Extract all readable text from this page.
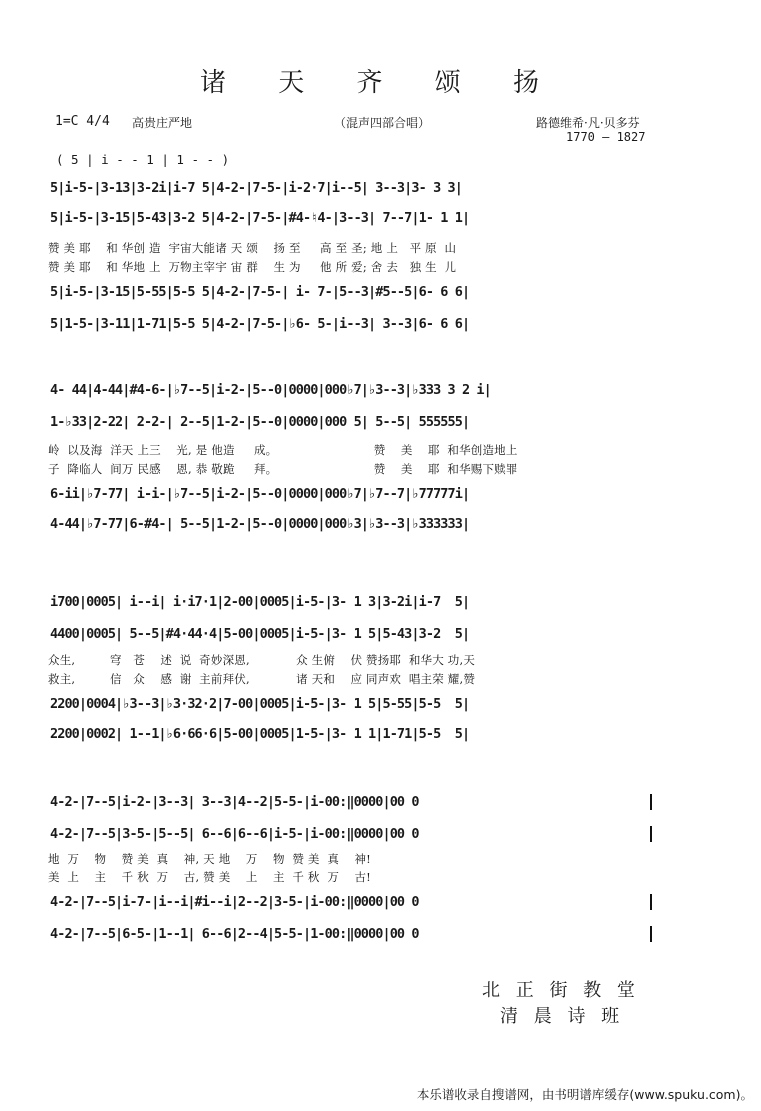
诸 天 齐 颂 扬
1=C 4/4 高贵庄严地	（混声四部合唱）	路德维希·凡·贝多芬
1770 — 1827
( 5 | i - - 1 | 1 - - )
5|i-5-|3-13|3-2i|i-7 5|4-2-|7-5-|i-2·7|i--5| 3--3|3- 3 3|
5|i-5-|3-15|5-43|3-2 5|4-2-|7-5-|#4-♮4-|3--3| 7--7|1- 1 1|
赞 美 耶    和 华创 造  宇宙大能诸 天 颂    扬 至     高 至 圣; 地 上   平 原  山
赞 美 耶    和 华地 上  万物主宰宇 宙 群    生 为     他 所 爱; 舍 去   独 生  儿
5|i-5-|3-15|5-55|5-5 5|4-2-|7-5-| i- 7-|5--3|#5--5|6- 6 6|
5|1-5-|3-11|1-71|5-5 5|4-2-|7-5-|♭6- 5-|i--3| 3--3|6- 6 6|
4- 44|4-44|#4-6-|♭7--5|i-2-|5--0|0000|000♭7|♭3--3|♭333 3 2 i|
1-♭33|2-22| 2-2-| 2--5|1-2-|5--0|0000|000 5| 5--5| 555555|
岭  以及海  洋天 上三    光, 是 他造     成。                         赞    美    耶  和华创造地上
子  降临人  间万 民感    恩, 恭 敬跪     拜。                         赞    美    耶  和华赐下赎罪
6-ii|♭7-77| i-i-|♭7--5|i-2-|5--0|0000|000♭7|♭7--7|♭77777i|
4-44|♭7-77|6-#4-| 5--5|1-2-|5--0|0000|000♭3|♭3--3|♭333333|
i700|0005| i--i| i·i7·1|2-00|0005|i-5-|3- 1 3|3-2i|i-7  5|
4400|0005| 5--5|#4·44·4|5-00|0005|i-5-|3- 1 5|5-43|3-2  5|
众生,         穹   苍    述  说  奇妙深恩,            众 生俯    伏 赞扬耶  和华大 功,天
救主,         信   众    感  谢  主前拜伏,            诸 天和    应 同声欢  唱主荣 耀,赞
2200|0004|♭3--3|♭3·32·2|7-00|0005|i-5-|3- 1 5|5-55|5-5  5|
2200|0002| 1--1|♭6·66·6|5-00|0005|1-5-|3- 1 1|1-71|5-5  5|
4-2-|7--5|i-2-|3--3| 3--3|4--2|5-5-|i-00:‖0000|00 0
4-2-|7--5|3-5-|5--5| 6--6|6--6|i-5-|i-00:‖0000|00 0
地  万    物    赞 美  真    神, 天 地    万    物  赞 美  真    神!
美  上    主    千 秋  万    古, 赞 美    上    主  千 秋  万    古!
4-2-|7--5|i-7-|i--i|#i--i|2--2|3-5-|i-00:‖0000|00 0
4-2-|7--5|6-5-|1--1| 6--6|2--4|5-5-|1-00:‖0000|00 0
北 正 街 教 堂
清 晨 诗 班
本乐谱收录自搜谱网，由书明谱库缓存(www.spuku.com)。
